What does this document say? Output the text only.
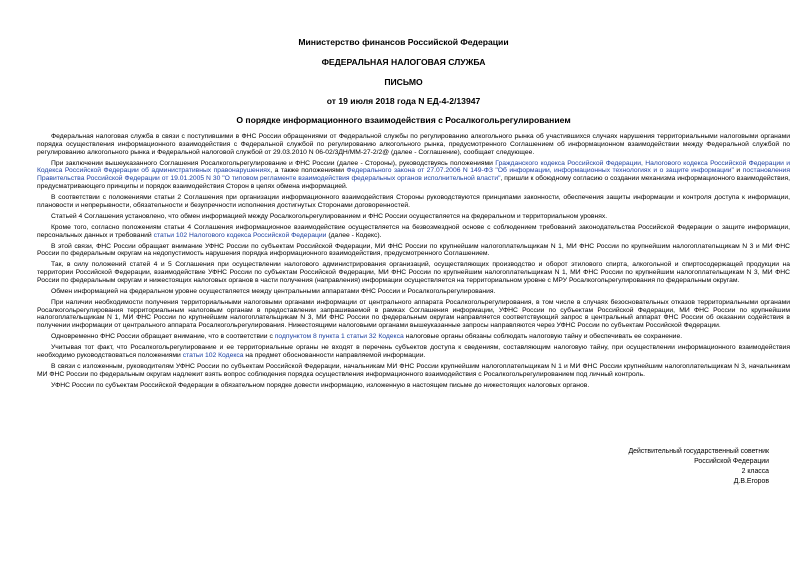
Министерство финансов Российской Федерации
ФЕДЕРАЛЬНАЯ НАЛОГОВАЯ СЛУЖБА
ПИСЬМО
от 19 июля 2018 года N ЕД-4-2/13947
О порядке информационного взаимодействия с Росалкогольрегулированием

Федеральная налоговая служба в связи с поступившими в ФНС России обращениями от Федеральной службы по регулированию алкогольного рынка об участившихся случаях нарушения территориальными налоговыми органами порядка осуществления информационного взаимодействия с Федеральной службой по регулированию алкогольного рынка, предусмотренного Соглашением об информационном взаимодействии между Федеральной службой по регулированию алкогольного рынка и Федеральной налоговой службой от 29.03.2010 N 06-02/3ДН/ММ-27-2/2@ (далее - Соглашение), сообщает следующее.

При заключении вышеуказанного Соглашения Росалкогольрегулирование и ФНС России (далее - Стороны), руководствуясь положениями Гражданского кодекса Российской Федерации, Налогового кодекса Российской Федерации и Кодекса Российской Федерации об административных правонарушениях, а также положениями Федерального закона от 27.07.2006 N 149-ФЗ "Об информации, информационных технологиях и о защите информации" и постановления Правительства Российской Федерации от 19.01.2005 N 30 "О типовом регламенте взаимодействия федеральных органов исполнительной власти", пришли к обоюдному согласию о создании механизма информационного взаимодействия, предусматривающего принципы и порядок взаимодействия Сторон в целях обмена информацией.

В соответствии с положениями статьи 2 Соглашения при организации информационного взаимодействия Стороны руководствуются принципами законности, обеспечения защиты информации и контроля доступа к информации, плановости и непрерывности, обязательности и безупречности исполнения достигнутых Сторонами договоренностей.

Статьей 4 Соглашения установлено, что обмен информацией между Росалкогольрегулированием и ФНС России осуществляется на федеральном и территориальном уровнях.

Кроме того, согласно положениям статьи 4 Соглашения информационное взаимодействие осуществляется на безвозмездной основе с соблюдением требований законодательства Российской Федерации о защите информации, персональных данных и требований статьи 102 Налогового кодекса Российской Федерации (далее - Кодекс).

В этой связи, ФНС России обращает внимание УФНС России по субъектам Российской Федерации, МИ ФНС России по крупнейшим налогоплательщикам N 1, МИ ФНС России по крупнейшим налогоплательщикам N 3 и МИ ФНС России по федеральным округам на недопустимость нарушения порядка информационного взаимодействия, предусмотренного Соглашением.

Так, в силу положений статей 4 и 5 Соглашения при осуществлении налогового администрирования организаций, осуществляющих производство и оборот этилового спирта, алкогольной и спиртосодержащей продукции на территории Российской Федерации, взаимодействие УФНС России по субъектам Российской Федерации, МИ ФНС России по крупнейшим налогоплательщикам N 1, МИ ФНС России по крупнейшим налогоплательщикам N 3, МИ ФНС России по федеральным округам и нижестоящих налоговых органов в части получения (направления) информации осуществляется на территориальном уровне с МРУ Росалкогольрегулирования по федеральным округам.

Обмен информацией на федеральном уровне осуществляется между центральными аппаратами ФНС России и Росалкогольрегулирования.

При наличии необходимости получения территориальными налоговыми органами информации от центрального аппарата Росалкогольрегулирования, в том числе в случаях безосновательных отказов территориальными органами Росалкогольрегулирования территориальным налоговым органам в предоставлении запрашиваемой в рамках Соглашения информации, УФНС России по субъектам Российской Федерации, МИ ФНС России по крупнейшим налогоплательщикам N 1, МИ ФНС России по крупнейшим налогоплательщикам N 3, МИ ФНС России по федеральным округам направляется соответствующий запрос в центральный аппарат ФНС России об оказании содействия в получении информации от центрального аппарата Росалкогольрегулирования. Нижестоящими налоговыми органами вышеуказанные запросы направляются через УФНС России по субъектам Российской Федерации.

Одновременно ФНС России обращает внимание, что в соответствии с подпунктом 8 пункта 1 статьи 32 Кодекса налоговые органы обязаны соблюдать налоговую тайну и обеспечивать ее сохранение.

Учитывая тот факт, что Росалкогольрегулирование и ее территориальные органы не входят в перечень субъектов доступа к сведениям, составляющим налоговую тайну, при осуществлении информационного взаимодействия необходимо руководствоваться положениями статьи 102 Кодекса на предмет обоснованности направляемой информации.

В связи с изложенным, руководителям УФНС России по субъектам Российской Федерации, начальникам МИ ФНС России крупнейшим налогоплательщикам N 1 и МИ ФНС России крупнейшим налогоплательщикам N 3, начальникам МИ ФНС России по федеральным округам надлежит взять вопрос соблюдения порядка осуществления информационного взаимодействия с Росалкогольрегулированием под личный контроль.

УФНС России по субъектам Российской Федерации в обязательном порядке довести информацию, изложенную в настоящем письме до нижестоящих налоговых органов.

Действительный государственный советник
Российской Федерации
2 класса
Д.В.Егоров
